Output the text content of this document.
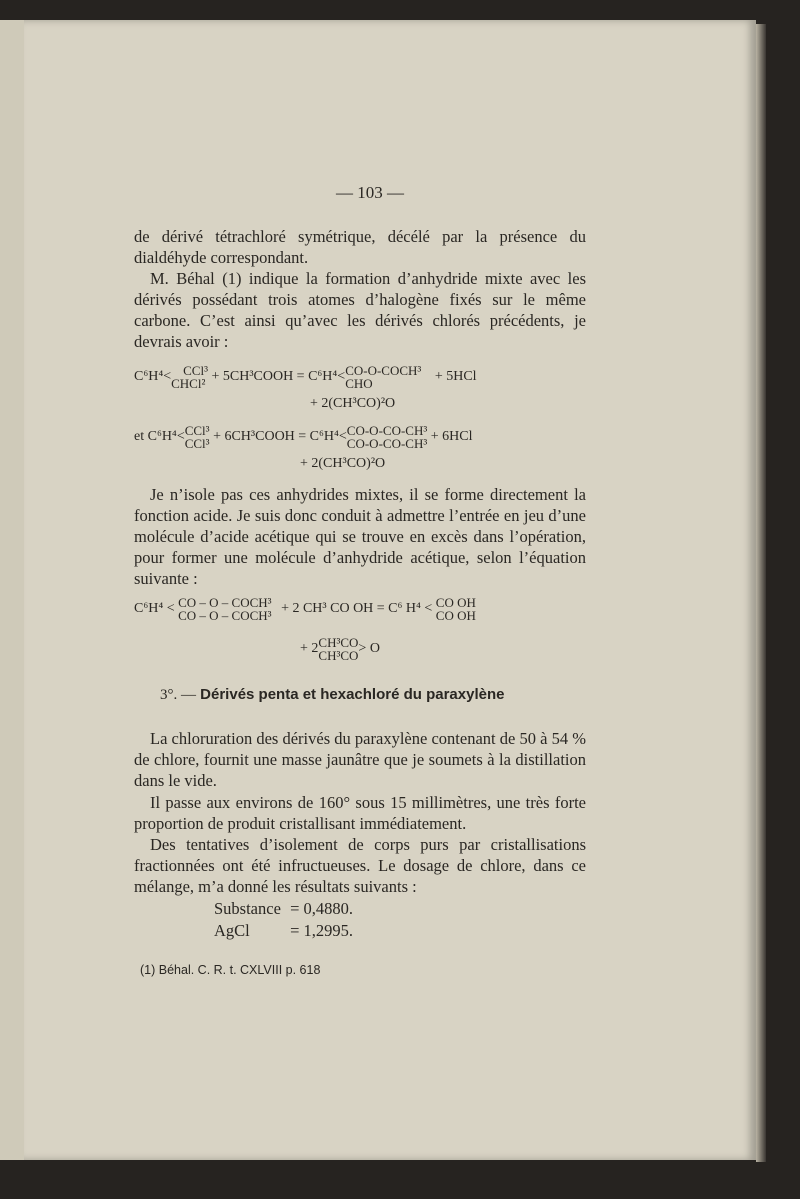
— 103 —
de dérivé tétrachloré symétrique, décélé par la présence du dialdéhyde correspondant.
M. Béhal (1) indique la formation d’anhydride mixte avec les dérivés possédant trois atomes d’halogène fixés sur le même carbone. C’est ainsi qu’avec les dérivés chlorés précédents, je devrais avoir :
C⁶H⁴< CCl³
CHCl² + 5CH³COOH = C⁶H⁴< CO-O-COCH³
CHO	+ 5HCl
+ 2(CH³CO)²O
et C⁶H⁴< CCl³
CCl³ + 6CH³COOH = C⁶H⁴< CO-O-CO-CH³
CO-O-CO-CH³ + 6HCl
+ 2(CH³CO)²O
Je n’isole pas ces anhydrides mixtes, il se forme directement la fonction acide. Je suis donc conduit à admettre l’entrée en jeu d’une molécule d’acide acétique qui se trouve en excès dans l’opération, pour former une molécule d’anhydride acétique, selon l’équation suivante :
C⁶H⁴ < CO – O – COCH³
CO – O – COCH³ + 2 CH³ CO OH = C⁶ H⁴ < CO OH
CO OH
+ 2 CH³CO
CH³CO > O
3°. — Dérivés penta et hexachloré du paraxylène
La chloruration des dérivés du paraxylène contenant de 50 à 54 % de chlore, fournit une masse jaunâtre que je soumets à la distillation dans le vide.
Il passe aux environs de 160° sous 15 millimètres, une très forte proportion de produit cristallisant immédiatement.
Des tentatives d’isolement de corps purs par cristallisations fractionnées ont été infructueuses. Le dosage de chlore, dans ce mélange, m’a donné les résultats suivants :
Substance = 0,4880.
AgCl = 1,2995.
(1) Béhal. C. R. t. CXLVIII p. 618
